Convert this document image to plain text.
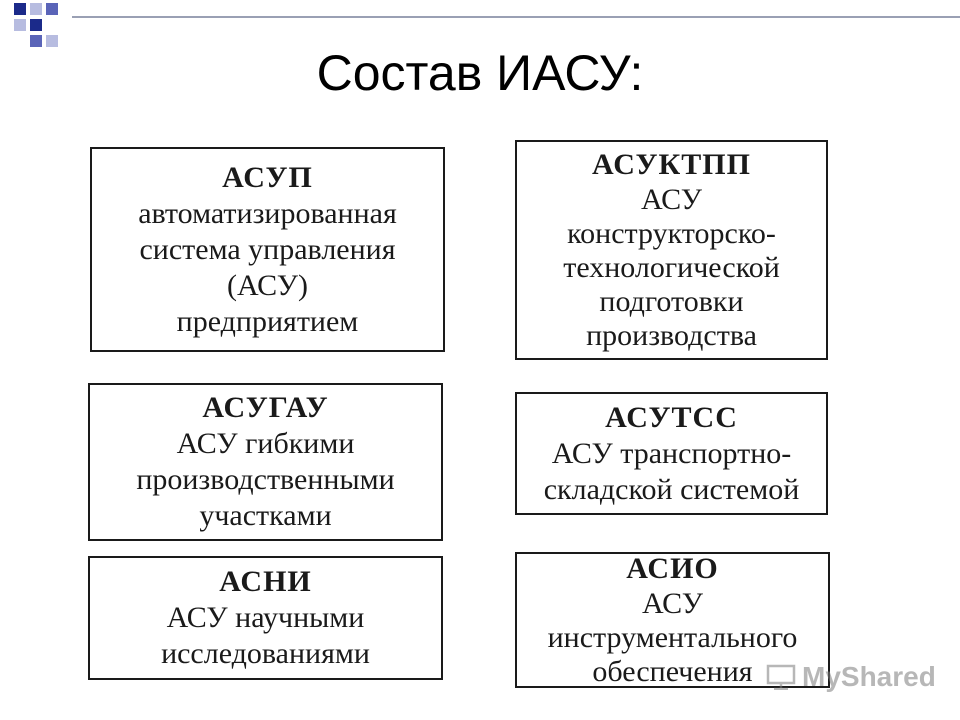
Состав ИАСУ:
АСУП
автоматизированная
система управления
(АСУ)
предприятием
АСУКТПП
АСУ
конструкторско-
технологической
подготовки
производства
АСУГАУ
АСУ гибкими
производственными
участками
АСУТСС
АСУ транспортно-
складской системой
АСНИ
АСУ научными
исследованиями
АСИО
АСУ
инструментального
обеспечения	MyShared
